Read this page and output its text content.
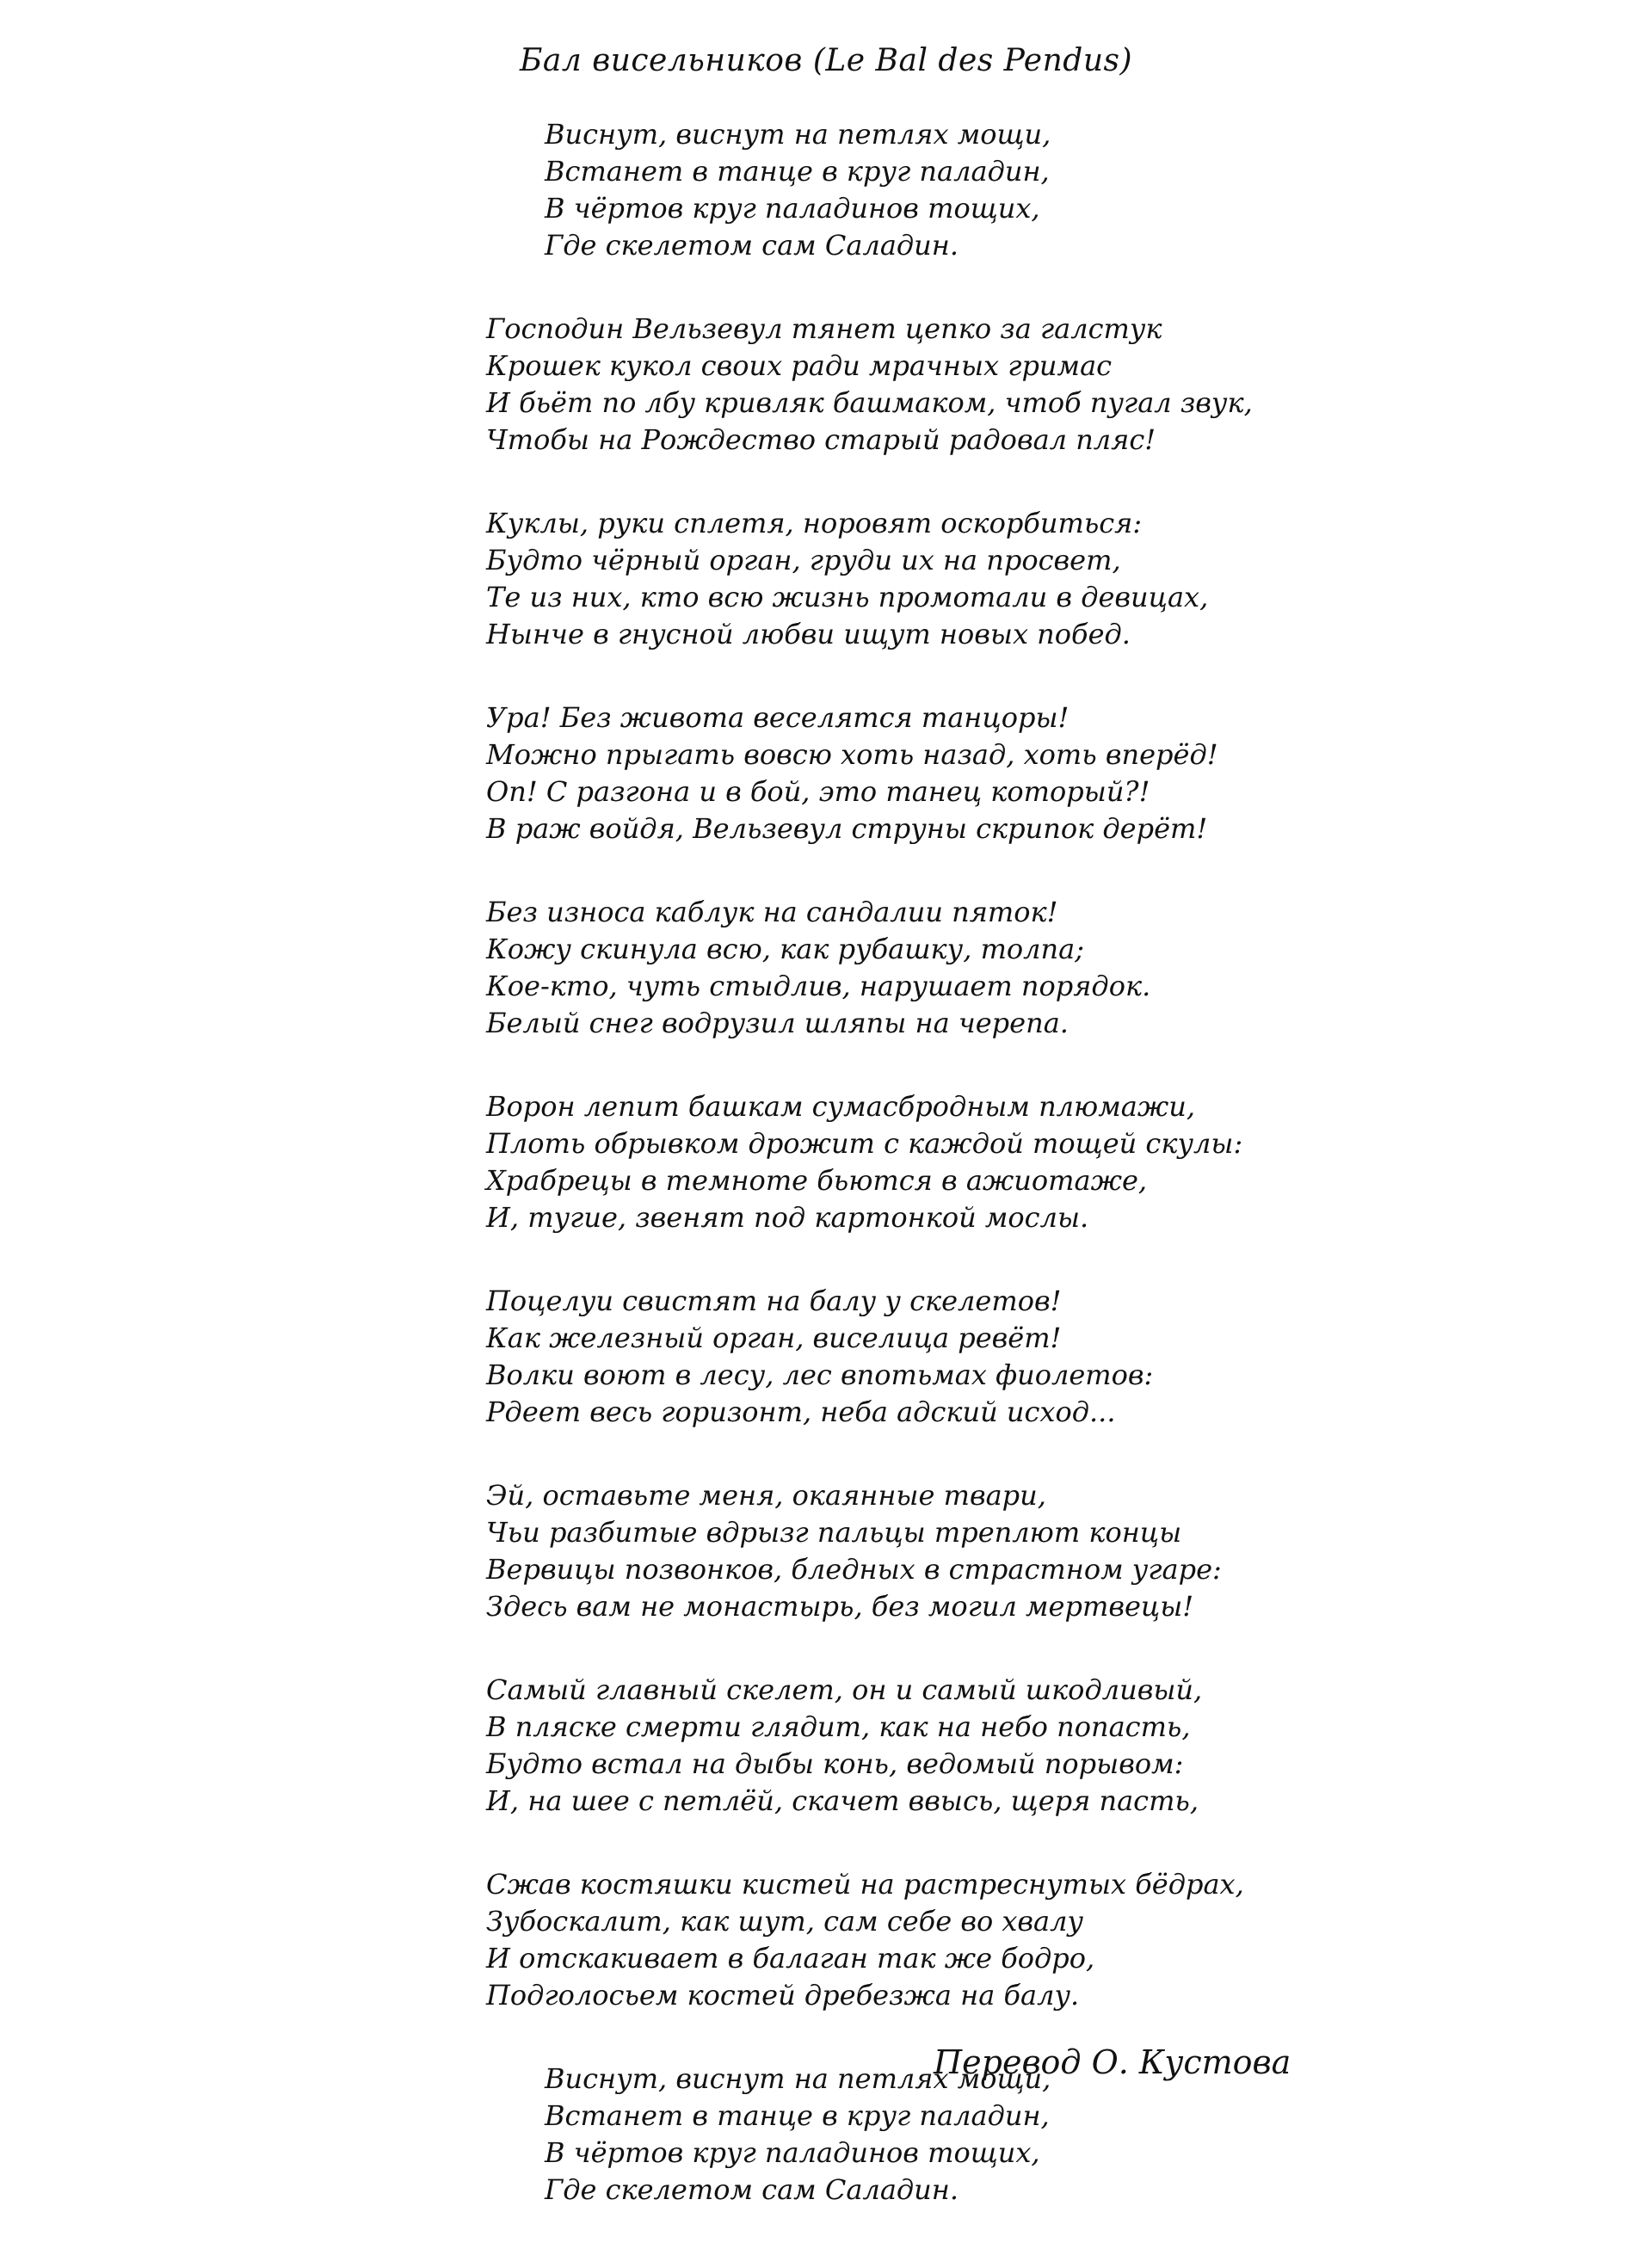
Бал висельников (Le Bal des Pendus)
Виснут, виснут на петлях мощи,
Встанет в танце в круг паладин,
В чёртов круг паладинов тощих,
Где скелетом сам Саладин.
Господин Вельзевул тянет цепко за галстук
Крошек кукол своих ради мрачных гримас
И бьёт по лбу кривляк башмаком, чтоб пугал звук,
Чтобы на Рождество старый радовал пляс!
Куклы, руки сплетя, норовят оскорбиться:
Будто чёрный орган, груди их на просвет,
Те из них, кто всю жизнь промотали в девицах,
Нынче в гнусной любви ищут новых побед.
Ура! Без живота веселятся танцоры!
Можно прыгать вовсю хоть назад, хоть вперёд!
Оп! С разгона и в бой, это танец который?!
В раж войдя, Вельзевул струны скрипок дерёт!
Без износа каблук на сандалии пяток!
Кожу скинула всю, как рубашку, толпа;
Кое-кто, чуть стыдлив, нарушает порядок.
Белый снег водрузил шляпы на черепа.
Ворон лепит башкам сумасбродным плюмажи,
Плоть обрывком дрожит с каждой тощей скулы:
Храбрецы в темноте бьются в ажиотаже,
И, тугие, звенят под картонкой мослы.
Поцелуи свистят на балу у скелетов!
Как железный орган, виселица ревёт!
Волки воют в лесу, лес впотьмах фиолетов:
Рдеет весь горизонт, неба адский исход...
Эй, оставьте меня, окаянные твари,
Чьи разбитые вдрызг пальцы треплют концы
Вервицы позвонков, бледных в страстном угаре:
Здесь вам не монастырь, без могил мертвецы!
Самый главный скелет, он и самый шкодливый,
В пляске смерти глядит, как на небо попасть,
Будто встал на дыбы конь, ведомый порывом:
И, на шее с петлёй, скачет ввысь, щеря пасть,
Сжав костяшки кистей на растреснутых бёдрах,
Зубоскалит, как шут, сам себе во хвалу
И отскакивает в балаган так же бодро,
Подголосьем костей дребезжа на балу.
Виснут, виснут на петлях мощи,
Встанет в танце в круг паладин,
В чёртов круг паладинов тощих,
Где скелетом сам Саладин.
Перевод О. Кустова
